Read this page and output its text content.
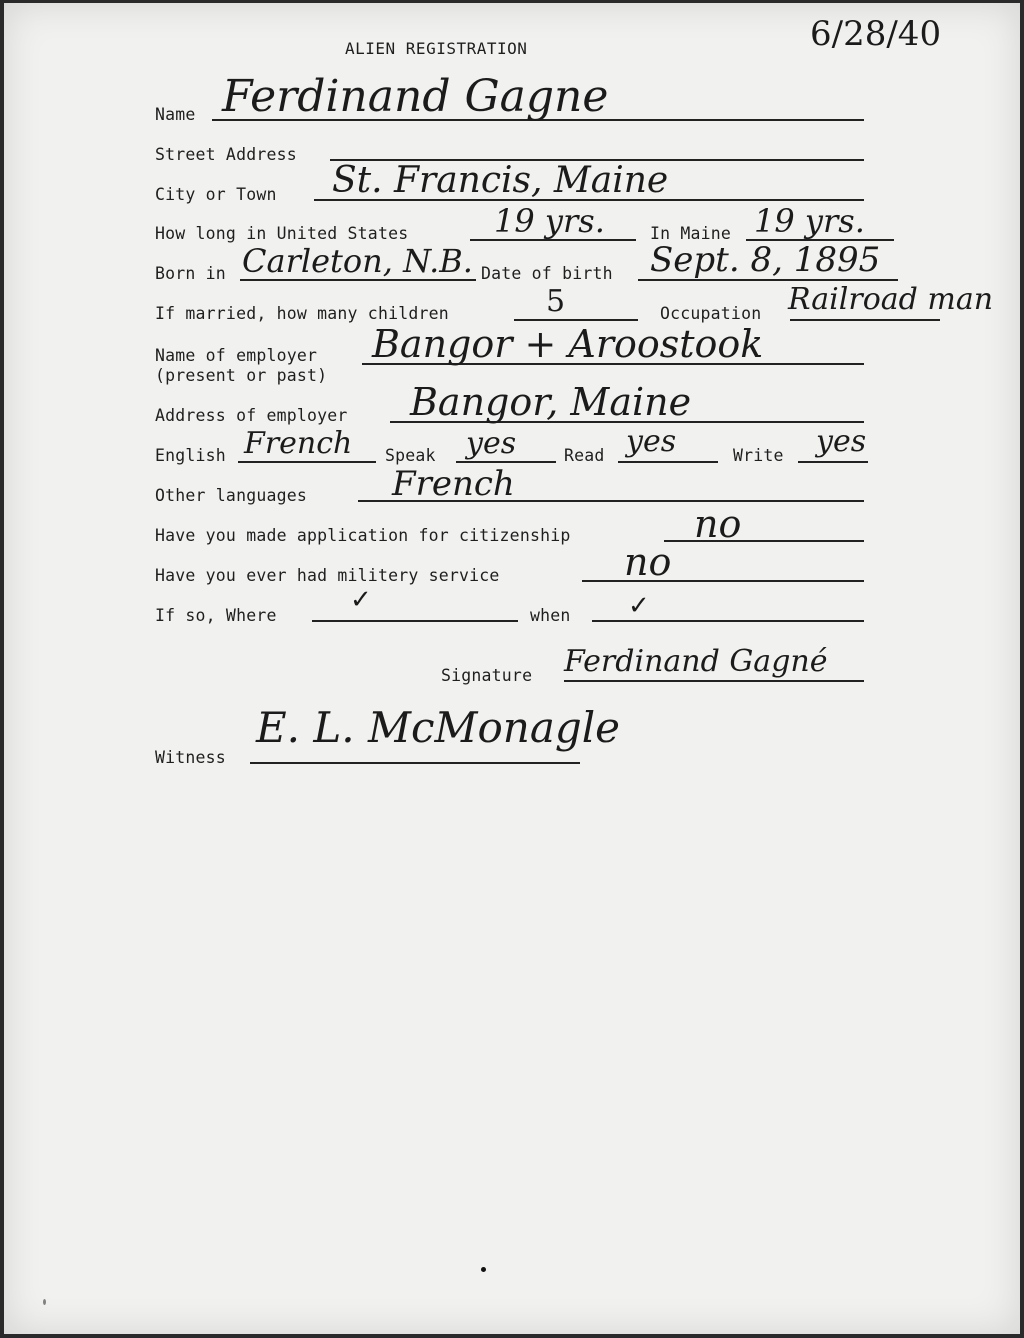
6/28/40
ALIEN REGISTRATION
Name Ferdinand Gagne
Street Address
City or Town St. Francis, Maine
How long in United States	19 yrs.	In Maine 19 yrs.
Born in Carleton, N.B. Date of birth Sept. 8, 1895
If married, how many children	5	Occupation Railroad man
Name of employer
(present or past)
Bangor + Aroostook
Address of employer Bangor, Maine
English French Speak yes	Read yes	Write yes
Other languages French
Have you made application for citizenship	no
Have you ever had militery service	no
If so, Where
✓
when ✓
Signature Ferdinand Gagné
Witness
E. L. McMonagle
